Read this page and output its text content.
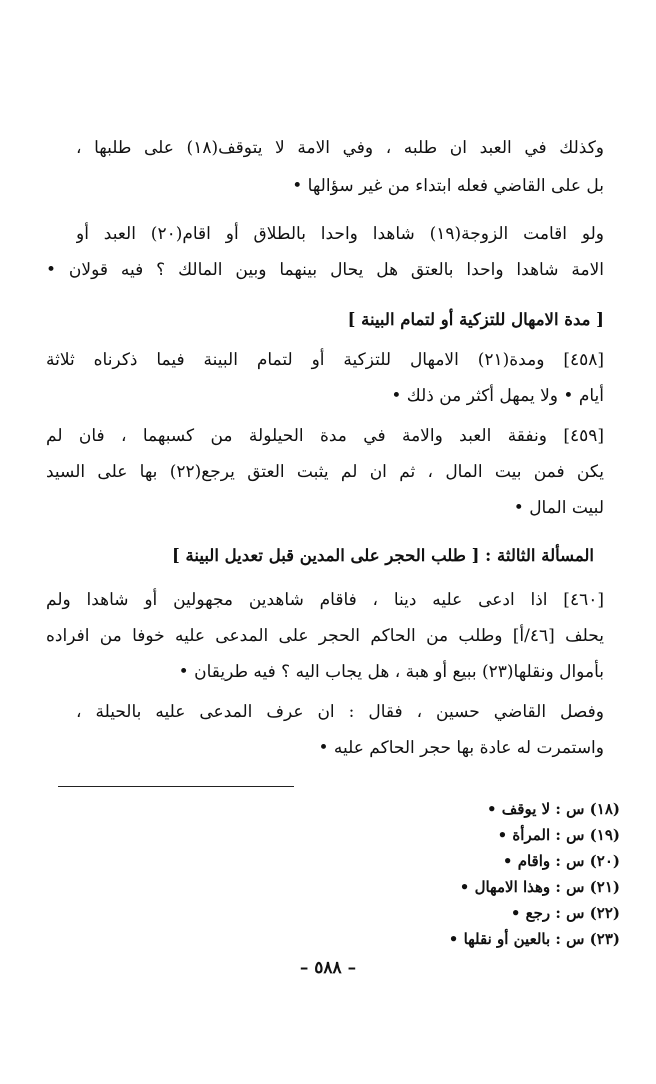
وكذلك في العبد ان طلبه ، وفي الامة لا يتوقف(١٨) على طلبها ،
بل على القاضي فعله ابتداء من غير سؤالها •
ولو اقامت الزوجة(١٩) شاهدا واحدا بالطلاق أو اقام(٢٠) العبد أو
الامة شاهدا واحدا بالعتق هل يحال بينهما وبين المالك ؟ فيه قولان •
[ مدة الامهال للتزكية أو لتمام البينة ]
[٤٥٨] ومدة(٢١) الامهال للتزكية أو لتمام البينة فيما ذكرناه ثلاثة
أيام • ولا يمهل أكثر من ذلك •
[٤٥٩] ونفقة العبد والامة في مدة الحيلولة من كسبهما ، فان لم
يكن فمن بيت المال ، ثم ان لم يثبت العتق يرجع(٢٢) بها على السيد
لبيت المال •
المسألة الثالثة : [ طلب الحجر على المدين قبل تعديل البينة ]
[٤٦٠] اذا ادعى عليه دينا ، فاقام شاهدين مجهولين أو شاهدا ولم
يحلف [٤٦/أ] وطلب من الحاكم الحجر على المدعى عليه خوفا من افراده
بأموال ونقلها(٢٣) ببيع أو هبة ، هل يجاب اليه ؟ فيه طريقان •
وفصل القاضي حسين ، فقال : ان عرف المدعى عليه بالحيلة ،
واستمرت له عادة بها حجر الحاكم عليه •
(١٨) س : لا يوقف •
(١٩) س : المرأة •
(٢٠) س : واقام •
(٢١) س : وهذا الامهال •
(٢٢) س : رجع •
(٢٣) س : بالعين أو نقلها •
– ٥٨٨ –
